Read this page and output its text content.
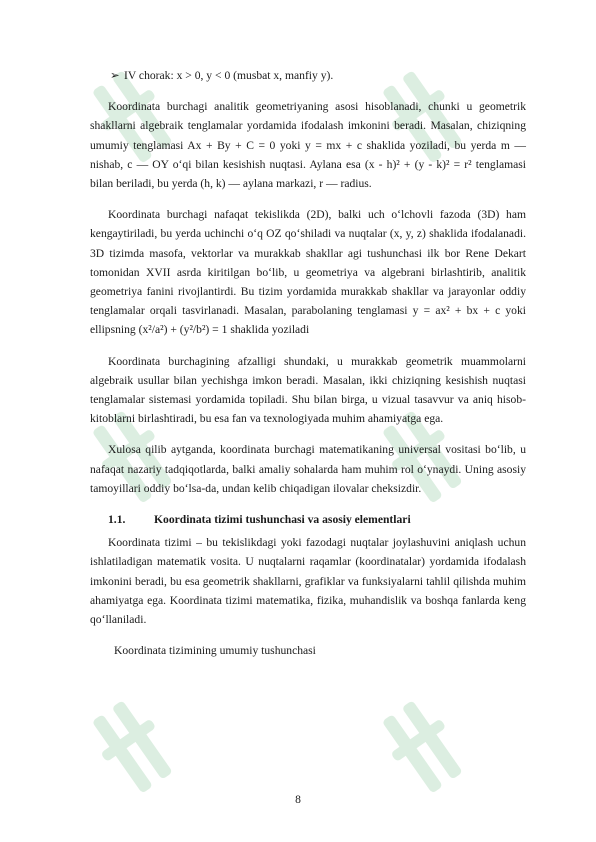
➢ IV chorak: x > 0, y < 0 (musbat x, manfiy y).

Koordinata burchagi analitik geometriyaning asosi hisoblanadi, chunki u geometrik shakllarni algebraik tenglamalar yordamida ifodalash imkonini beradi. Masalan, chiziqning umumiy tenglamasi Ax + By + C = 0 yoki y = mx + c shaklida yoziladi, bu yerda m — nishab, c — OY o‘qi bilan kesishish nuqtasi. Aylana esa (x - h)² + (y - k)² = r² tenglamasi bilan beriladi, bu yerda (h, k) — aylana markazi, r — radius.

Koordinata burchagi nafaqat tekislikda (2D), balki uch o‘lchovli fazoda (3D) ham kengaytiriladi, bu yerda uchinchi o‘q OZ qo‘shiladi va nuqtalar (x, y, z) shaklida ifodalanadi. 3D tizimda masofa, vektorlar va murakkab shakllar agi tushunchasi ilk bor Rene Dekart tomonidan XVII asrda kiritilgan bo‘lib, u geometriya va algebrani birlashtirib, analitik geometriya fanini rivojlantirdi. Bu tizim yordamida murakkab shakllar va jarayonlar oddiy tenglamalar orqali tasvirlanadi. Masalan, parabolaning tenglamasi y = ax² + bx + c yoki ellipsning (x²/a²) + (y²/b²) = 1 shaklida yoziladi

Koordinata burchagining afzalligi shundaki, u murakkab geometrik muammolarni algebraik usullar bilan yechishga imkon beradi. Masalan, ikki chiziqning kesishish nuqtasi tenglamalar sistemasi yordamida topiladi. Shu bilan birga, u vizual tasavvur va aniq hisob-kitoblarni birlashtiradi, bu esa fan va texnologiyada muhim ahamiyatga ega.

Xulosa qilib aytganda, koordinata burchagi matematikaning universal vositasi bo‘lib, u nafaqat nazariy tadqiqotlarda, balki amaliy sohalarda ham muhim rol o‘ynaydi. Uning asosiy tamoyillari oddiy bo‘lsa-da, undan kelib chiqadigan ilovalar cheksizdir.

1.1. Koordinata tizimi tushunchasi va asosiy elementlari

Koordinata tizimi – bu tekislikdagi yoki fazodagi nuqtalar joylashuvini aniqlash uchun ishlatiladigan matematik vosita. U nuqtalarni raqamlar (koordinatalar) yordamida ifodalash imkonini beradi, bu esa geometrik shakllarni, grafiklar va funksiyalarni tahlil qilishda muhim ahamiyatga ega. Koordinata tizimi matematika, fizika, muhandislik va boshqa fanlarda keng qo‘llaniladi.

Koordinata tizimining umumiy tushunchasi
8
